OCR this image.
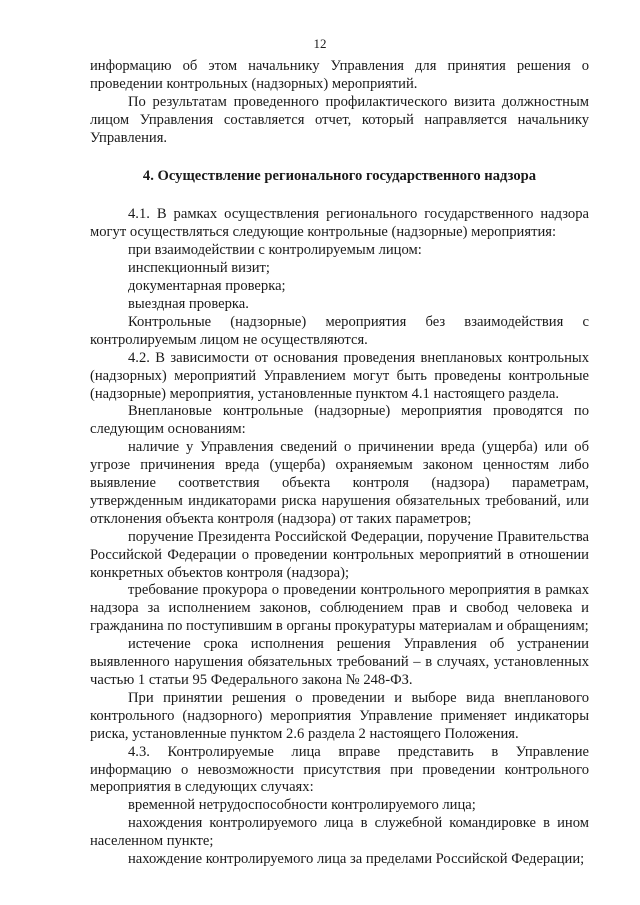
12

информацию об этом начальнику Управления для принятия решения о проведении контрольных (надзорных) мероприятий.

По результатам проведенного профилактического визита должностным лицом Управления составляется отчет, который направляется начальнику Управления.

4. Осуществление регионального государственного надзора

4.1. В рамках осуществления регионального государственного надзора могут осуществляться следующие контрольные (надзорные) мероприятия:

при взаимодействии с контролируемым лицом:

инспекционный визит;

документарная проверка;

выездная проверка.

Контрольные (надзорные) мероприятия без взаимодействия с контролируемым лицом не осуществляются.

4.2. В зависимости от основания проведения внеплановых контрольных (надзорных) мероприятий Управлением могут быть проведены контрольные (надзорные) мероприятия, установленные пунктом 4.1 настоящего раздела.

Внеплановые контрольные (надзорные) мероприятия проводятся по следующим основаниям:

наличие у Управления сведений о причинении вреда (ущерба) или об угрозе причинения вреда (ущерба) охраняемым законом ценностям либо выявление соответствия объекта контроля (надзора) параметрам, утвержденным индикаторами риска нарушения обязательных требований, или отклонения объекта контроля (надзора) от таких параметров;

поручение Президента Российской Федерации, поручение Правительства Российской Федерации о проведении контрольных мероприятий в отношении конкретных объектов контроля (надзора);

требование прокурора о проведении контрольного мероприятия в рамках надзора за исполнением законов, соблюдением прав и свобод человека и гражданина по поступившим в органы прокуратуры материалам и обращениям;

истечение срока исполнения решения Управления об устранении выявленного нарушения обязательных требований – в случаях, установленных частью 1 статьи 95 Федерального закона № 248-ФЗ.

При принятии решения о проведении и выборе вида внепланового контрольного (надзорного) мероприятия Управление применяет индикаторы риска, установленные пунктом 2.6 раздела 2 настоящего Положения.

4.3. Контролируемые лица вправе представить в Управление информацию о невозможности присутствия при проведении контрольного мероприятия в следующих случаях:

временной нетрудоспособности контролируемого лица;

нахождения контролируемого лица в служебной командировке в ином населенном пункте;

нахождение контролируемого лица за пределами Российской Федерации;
